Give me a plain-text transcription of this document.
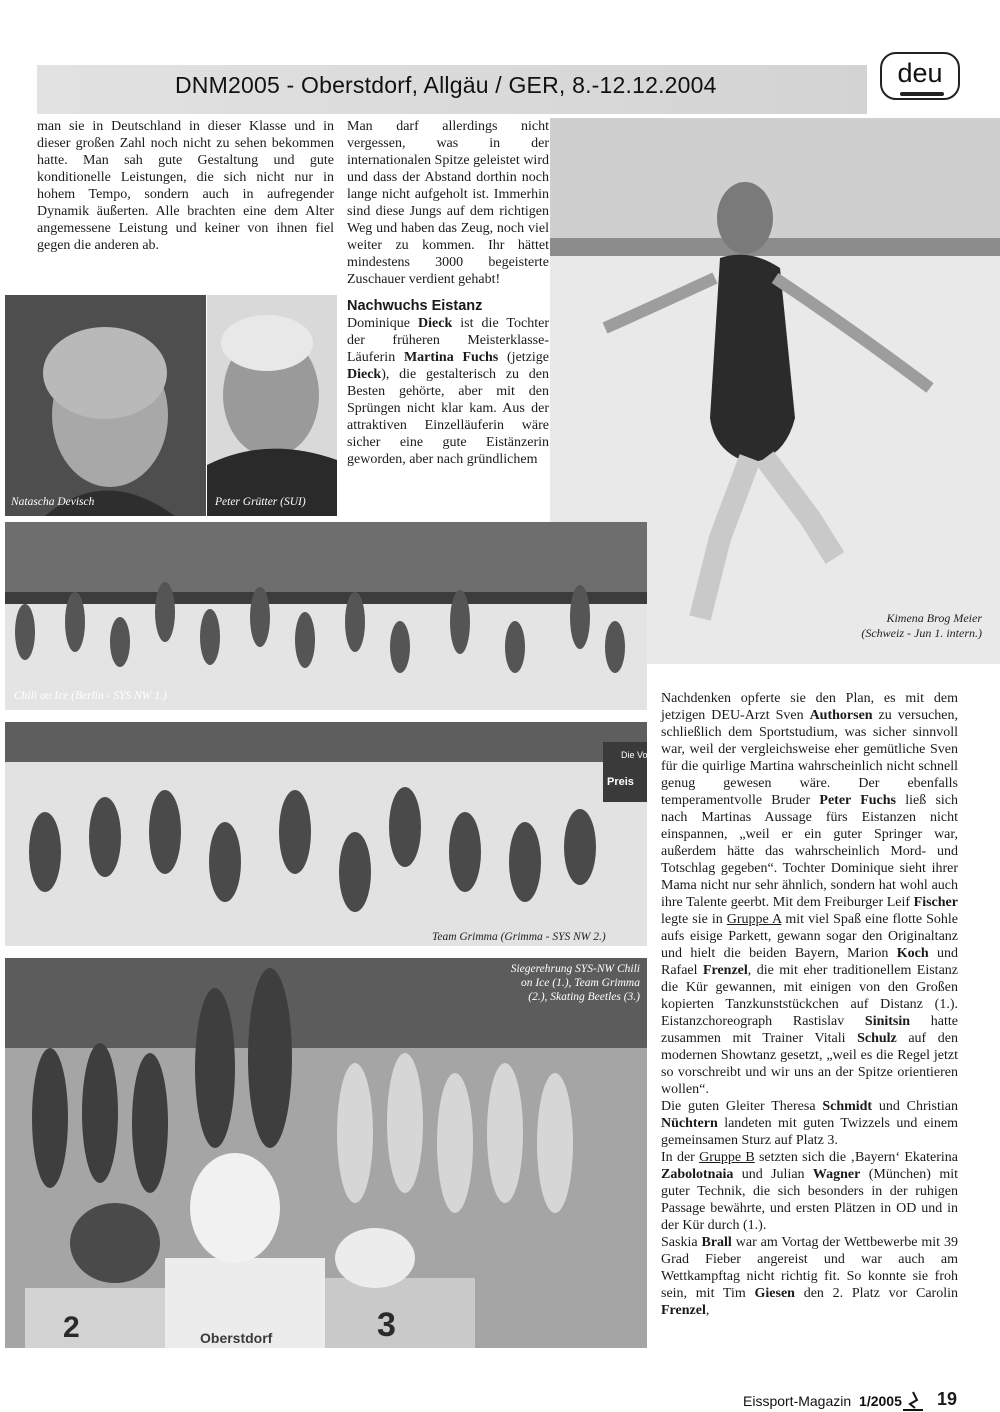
DNM2005 - Oberstdorf, Allgäu / GER, 8.-12.12.2004	deu

man sie in Deutschland in dieser Klasse und in dieser großen Zahl noch nicht zu sehen bekommen hatte. Man sah gute Gestaltung und gute konditionelle Leistungen, die sich nicht nur in hohem Tempo, sondern auch in aufregender Dynamik äußerten. Alle brachten eine dem Alter angemessene Leistung und keiner von ihnen fiel gegen die anderen ab.

Man darf allerdings nicht vergessen, was in der internationalen Spitze geleistet wird und dass der Abstand dorthin noch lange nicht aufgeholt ist. Immerhin sind diese Jungs auf dem richtigen Weg und haben das Zeug, noch viel weiter zu kommen. Ihr hättet mindestens 3000 begeisterte Zuschauer verdient gehabt!

Nachwuchs Eistanz

Dominique Dieck ist die Tochter der früheren Meisterklasse-Läuferin Martina Fuchs (jetzige Dieck), die gestalterisch zu den Besten gehörte, aber mit den Sprüngen nicht klar kam. Aus der attraktiven Einzelläuferin wäre sicher eine gute Eistänzerin geworden, aber nach gründlichem

Natascha Devisch	Peter Grütter (SUI)
Kimena Brog Meier
(Schweiz - Jun 1. intern.)
Chili on Ice (Berlin - SYS NW 1.)
Die Vorteile sind
Preis
Team Grimma (Grimma - SYS NW 2.)
2	Oberstdorf	3
Siegerehrung SYS-NW Chili on Ice (1.), Team Grimma (2.), Skating Beetles (3.)

Nachdenken opferte sie den Plan, es mit dem jetzigen DEU-Arzt Sven Authorsen zu versuchen, schließlich dem Sportstudium, was sicher sinnvoll war, weil der vergleichsweise eher gemütliche Sven für die quirlige Martina wahrscheinlich nicht schnell genug gewesen wäre. Der ebenfalls temperamentvolle Bruder Peter Fuchs ließ sich nach Martinas Aussage fürs Eistanzen nicht einspannen, „weil er ein guter Springer war, außerdem hätte das wahrscheinlich Mord- und Totschlag gegeben“. Tochter Dominique sieht ihrer Mama nicht nur sehr ähnlich, sondern hat wohl auch ihre Talente geerbt. Mit dem Freiburger Leif Fischer legte sie in Gruppe A mit viel Spaß eine flotte Sohle aufs eisige Parkett, gewann sogar den Originaltanz und hielt die beiden Bayern, Marion Koch und Rafael Frenzel, die mit eher traditionellem Eistanz die Kür gewannen, mit einigen von den Großen kopierten Tanzkunststückchen auf Distanz (1.). Eistanzchoreograph Rastislav Sinitsin hatte zusammen mit Trainer Vitali Schulz auf den modernen Showtanz gesetzt, „weil es die Regel jetzt so vorschreibt und wir uns an der Spitze orientieren wollen“.

Die guten Gleiter Theresa Schmidt und Christian Nüchtern landeten mit guten Twizzels und einem gemeinsamen Sturz auf Platz 3.

In der Gruppe B setzten sich die ‚Bayern‘ Ekaterina Zabolotnaia und Julian Wagner (München) mit guter Technik, die sich besonders in der ruhigen Passage bewährte, und ersten Plätzen in OD und in der Kür durch (1.).

Saskia Brall war am Vortag der Wettbewerbe mit 39 Grad Fieber angereist und war auch am Wettkampftag nicht richtig fit. So konnte sie froh sein, mit Tim Giesen den 2. Platz vor Carolin Frenzel,

Eissport-Magazin 1/2005 19
